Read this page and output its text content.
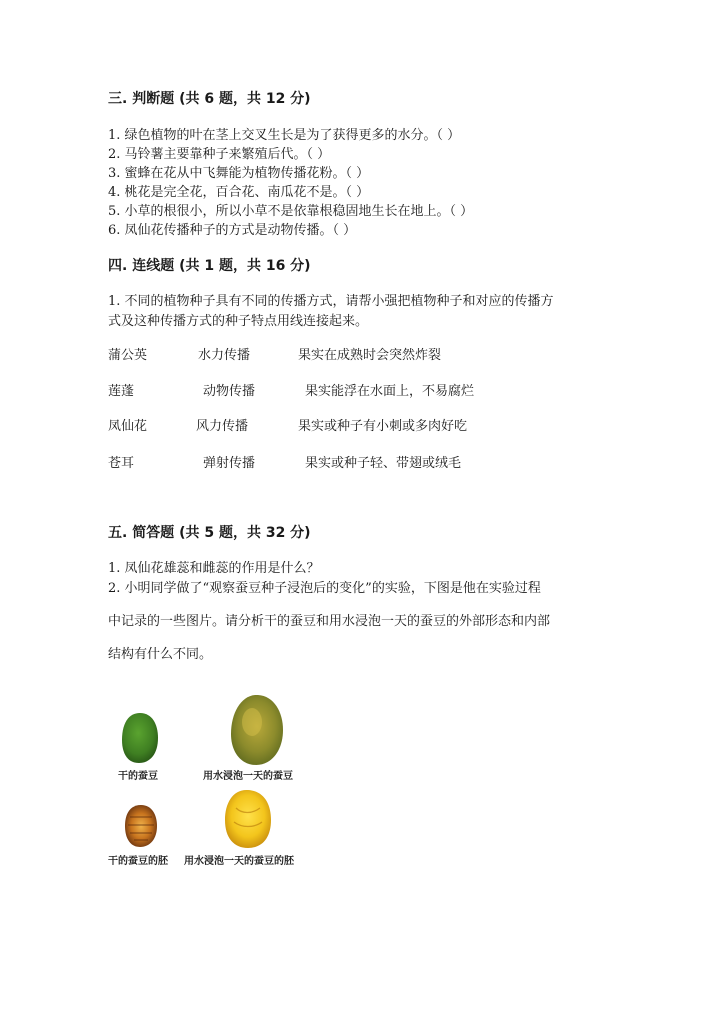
三. 判断题 (共 6 题，共 12 分)
1. 绿色植物的叶在茎上交叉生长是为了获得更多的水分。（ ）
2. 马铃薯主要靠种子来繁殖后代。（ ）
3. 蜜蜂在花从中飞舞能为植物传播花粉。（ ）
4. 桃花是完全花，百合花、南瓜花不是。（ ）
5. 小草的根很小，所以小草不是依靠根稳固地生长在地上。（ ）
6. 凤仙花传播种子的方式是动物传播。（ ）
四. 连线题 (共 1 题，共 16 分)
1. 不同的植物种子具有不同的传播方式，请帮小强把植物种子和对应的传播方
式及这种传播方式的种子特点用线连接起来。
蒲公英	水力传播	果实在成熟时会突然炸裂
莲蓬	动物传播	果实能浮在水面上，不易腐烂
凤仙花	风力传播	果实或种子有小刺或多肉好吃
苍耳	弹射传播	果实或种子轻、带翅或绒毛
五. 简答题 (共 5 题，共 32 分)
1. 凤仙花雄蕊和雌蕊的作用是什么？
2. 小明同学做了“观察蚕豆种子浸泡后的变化”的实验，下图是他在实验过程
中记录的一些图片。请分析干的蚕豆和用水浸泡一天的蚕豆的外部形态和内部
结构有什么不同。
干的蚕豆	用水浸泡一天的蚕豆
干的蚕豆的胚 用水浸泡一天的蚕豆的胚
